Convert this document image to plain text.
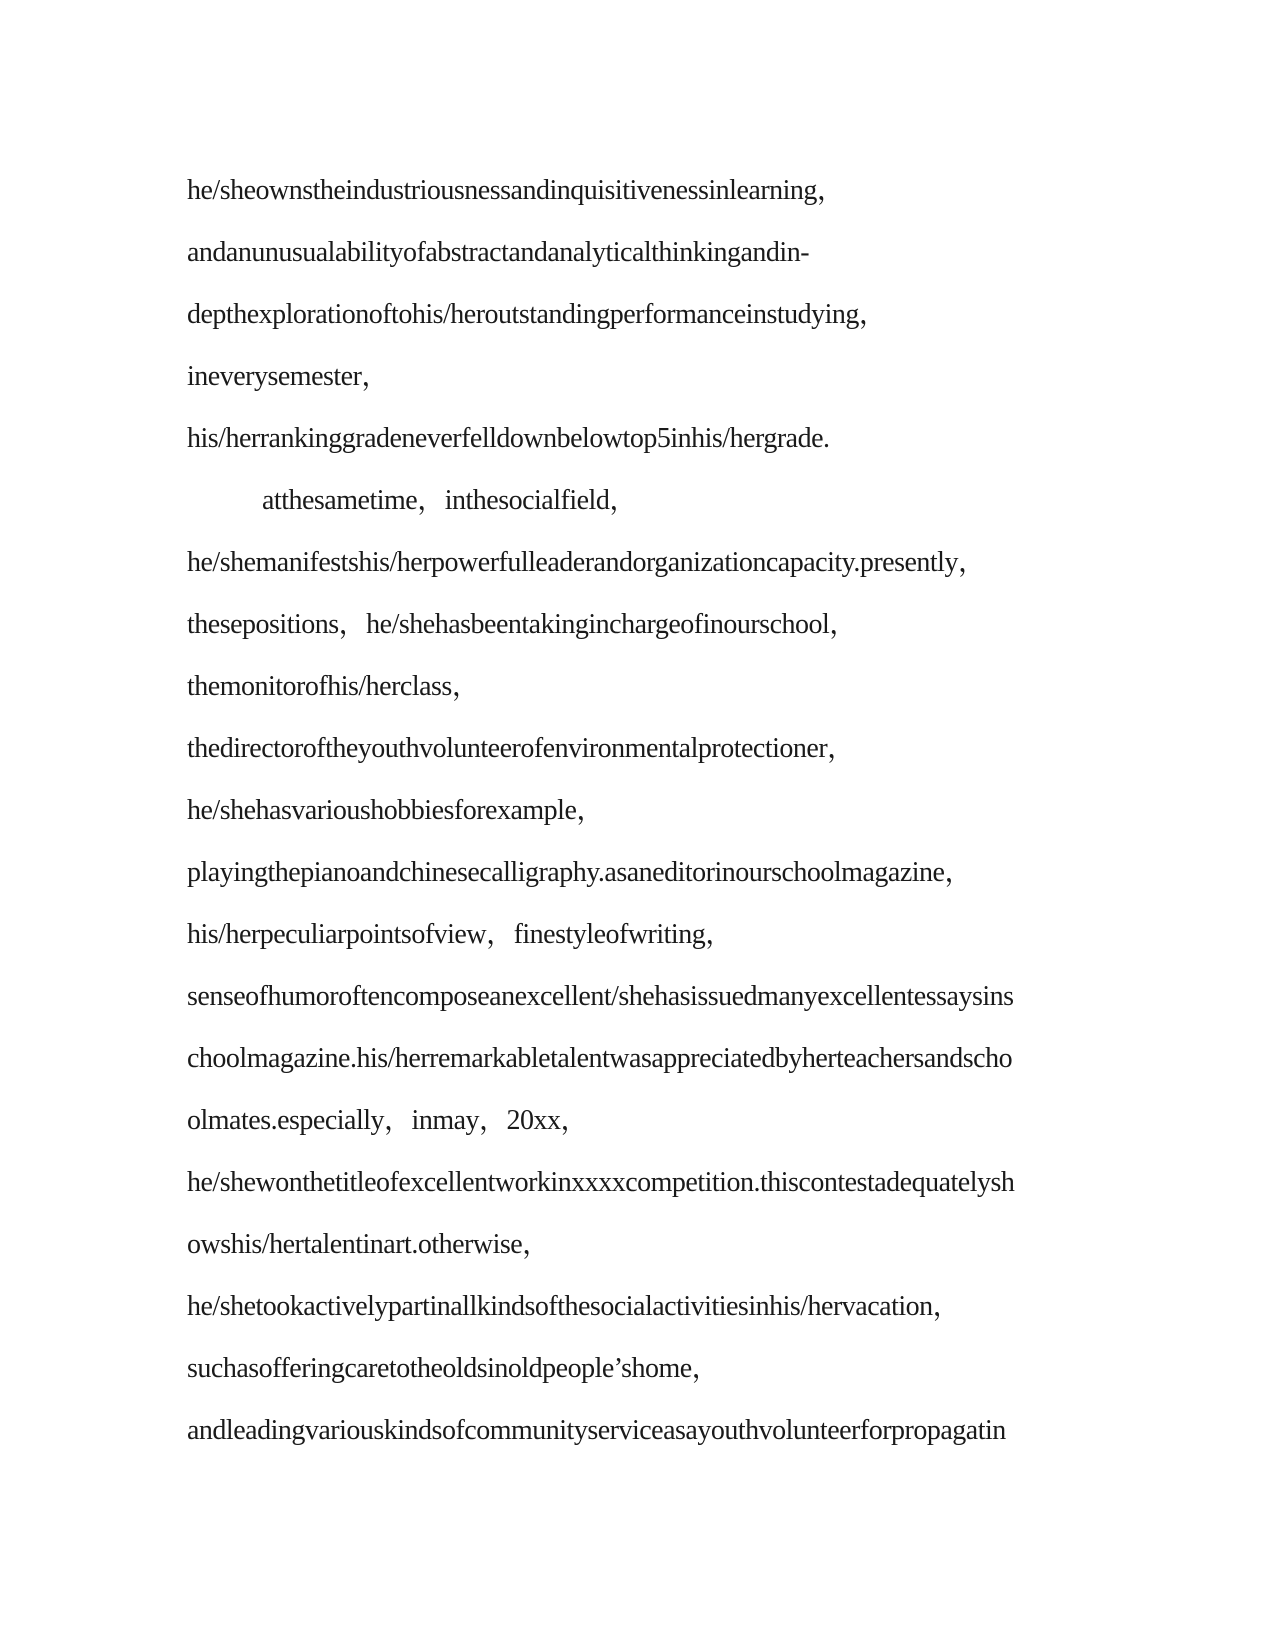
he/sheownstheindustriousnessandinquisitivenessinlearning，
andanunusualabilityofabstractandanalyticalthinkingandin-
depthexplorationoftohis/heroutstandingperformanceinstudying，
ineverysemester，
his/herrankinggradeneverfelldownbelowtop5inhis/hergrade.
atthesametime，inthesocialfield，
he/shemanifestshis/herpowerfulleaderandorganizationcapacity.presently，
thesepositions，he/shehasbeentakinginchargeofinourschool，
themonitorofhis/herclass，
thedirectoroftheyouthvolunteerofenvironmentalprotectioner，
he/shehasvarioushobbiesforexample，
playingthepianoandchinesecalligraphy.asaneditorinourschoolmagazine，
his/herpeculiarpointsofview，finestyleofwriting，
senseofhumoroftencomposeanexcellent/shehasissuedmanyexcellentessaysins
choolmagazine.his/herremarkabletalentwasappreciatedbyherteachersandscho
olmates.especially，inmay，20xx，
he/shewonthetitleofexcellentworkinxxxxcompetition.thiscontestadequatelysh
owshis/hertalentinart.otherwise，
he/shetookactivelypartinallkindsofthesocialactivitiesinhis/hervacation，
suchasofferingcaretotheoldsinoldpeople’shome，
andleadingvariouskindsofcommunityserviceasayouthvolunteerforpropagatin
